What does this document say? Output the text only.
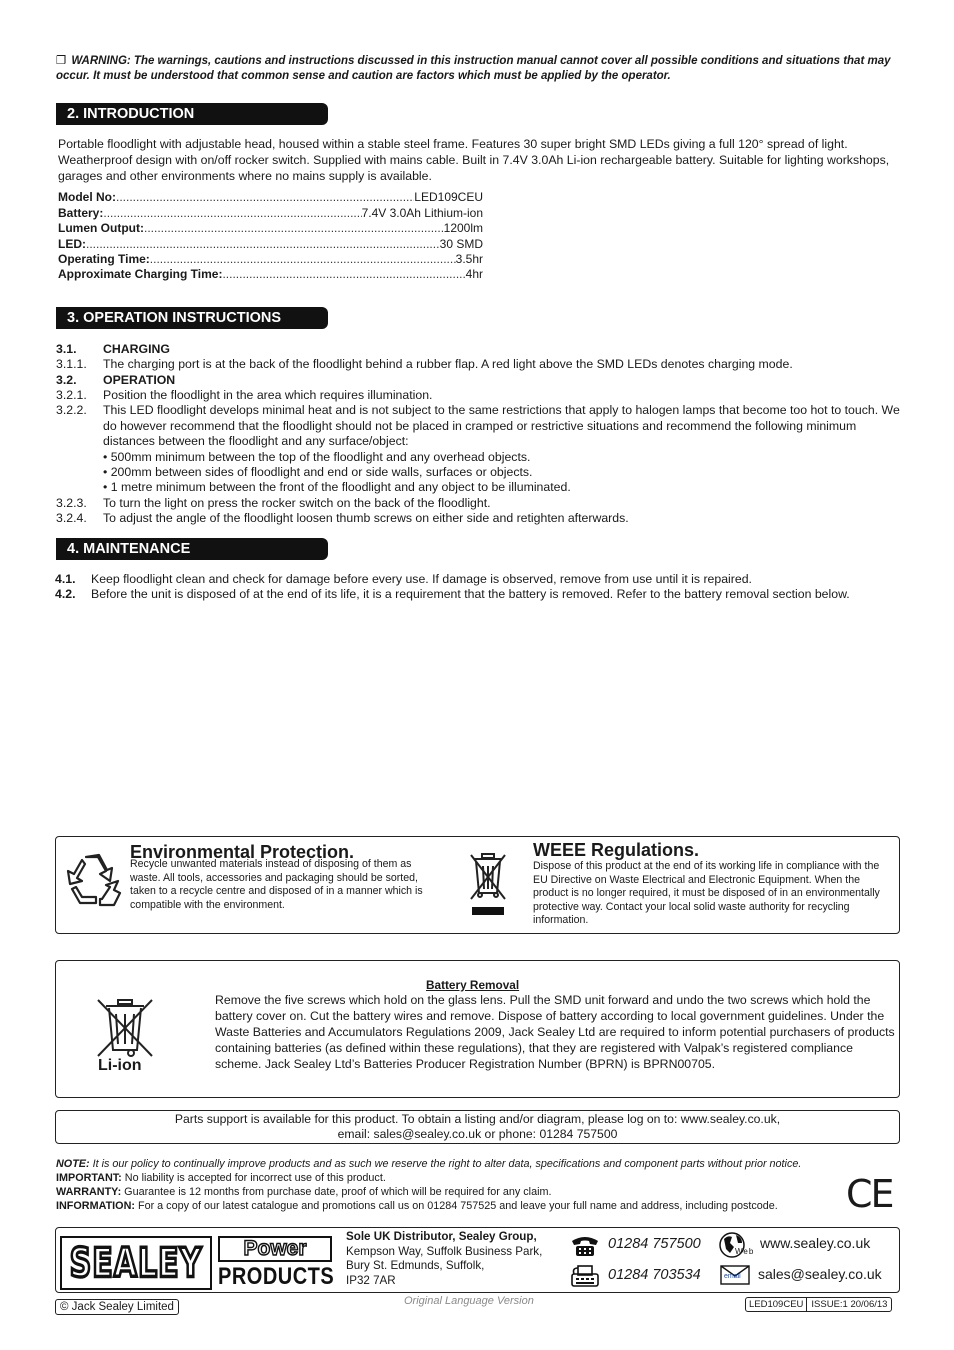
❐ WARNING: The warnings, cautions and instructions discussed in this instruction manual cannot cover all possible conditions and situations that may occur. It must be understood that common sense and caution are factors which must be applied by the operator.
2. INTRODUCTION
Portable floodlight with adjustable head, housed within a stable steel frame. Features 30 super bright SMD LEDs giving a full 120° spread of light. Weatherproof design with on/off rocker switch. Supplied with mains cable. Built in 7.4V 3.0Ah Li-ion rechargeable battery. Suitable for lighting workshops, garages and other environments where no mains supply is available.
Model No: .....	LED109CEU
Battery: .....	7.4V 3.0Ah Lithium-ion
Lumen Output: .....	1200lm
LED: .....	30 SMD
Operating Time: .....	3.5hr
Approximate Charging Time: .....	4hr
3. OPERATION INSTRUCTIONS
3.1.	CHARGING
3.1.1.	The charging port is at the back of the floodlight behind a rubber flap. A red light above the SMD LEDs denotes charging mode.
3.2.	OPERATION
3.2.1.	Position the floodlight in the area which requires illumination.
3.2.2.	This LED floodlight develops minimal heat and is not subject to the same restrictions that apply to halogen lamps that become too hot to touch. We do however recommend that the floodlight should not be placed in cramped or restrictive situations and recommend the following minimum distances between the floodlight and any surface/object:
• 500mm minimum between the top of the floodlight and any overhead objects.
• 200mm between sides of floodlight and end or side walls, surfaces or objects.
• 1 metre minimum between the front of the floodlight and any object to be illuminated.
3.2.3.	To turn the light on press the rocker switch on the back of the floodlight.
3.2.4.	To adjust the angle of the floodlight loosen thumb screws on either side and retighten afterwards.
4. MAINTENANCE
4.1. Keep floodlight clean and check for damage before every use. If damage is observed, remove from use until it is repaired.
4.2. Before the unit is disposed of at the end of its life, it is a requirement that the battery is removed. Refer to the battery removal section below.
Environmental Protection.
Recycle unwanted materials instead of disposing of them as waste. All tools, accessories and packaging should be sorted, taken to a recycle centre and disposed of in a manner which is compatible with the environment.
WEEE Regulations.
Dispose of this product at the end of its working life in compliance with the EU Directive on Waste Electrical and Electronic Equipment. When the product is no longer required, it must be disposed of in an environmentally protective way. Contact your local solid waste authority for recycling information.
Li-ion
Battery Removal
Remove the five screws which hold on the glass lens. Pull the SMD unit forward and undo the two screws which hold the battery cover on. Cut the battery wires and remove. Dispose of battery according to local government guidelines. Under the Waste Batteries and Accumulators Regulations 2009, Jack Sealey Ltd are required to inform potential purchasers of products containing batteries (as defined within these regulations), that they are registered with Valpak’s registered compliance scheme. Jack Sealey Ltd’s Batteries Producer Registration Number (BPRN) is BPRN00705.
Parts support is available for this product. To obtain a listing and/or diagram, please log on to: www.sealey.co.uk,
email: sales@sealey.co.uk or phone: 01284 757500
NOTE: It is our policy to continually improve products and as such we reserve the right to alter data, specifications and component parts without prior notice.
IMPORTANT: No liability is accepted for incorrect use of this product.
WARRANTY: Guarantee is 12 months from purchase date, proof of which will be required for any claim.
INFORMATION: For a copy of our latest catalogue and promotions call us on 01284 757525 and leave your full name and address, including postcode.	CE
SEALEY	Power
PRODUCTS
Sole UK Distributor, Sealey Group,
Kempson Way, Suffolk Business Park,
Bury St. Edmunds, Suffolk,
IP32 7AR
01284 757500
01284 703534
Web
www.sealey.co.uk
email sales@sealey.co.uk
© Jack Sealey Limited	Original Language Version	LED109CEU ISSUE:1 20/06/13
